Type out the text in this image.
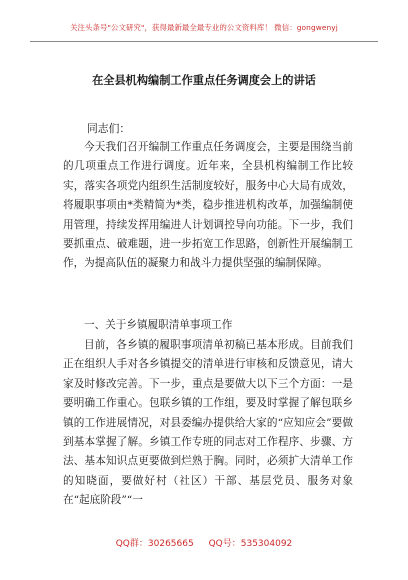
关注头条号"公文研究"，获得最新最全最专业的公文资料库！ 微信：gongwenyj
在全县机构编制工作重点任务调度会上的讲话
同志们：
今天我们召开编制工作重点任务调度会，主要是围绕当前的几项重点工作进行调度。近年来，全县机构编制工作比较实，落实各项党内组织生活制度较好，服务中心大局有成效，将履职事项由*类精简为*类，稳步推进机构改革，加强编制使用管理，持续发挥用编进人计划调控导向功能。下一步，我们要抓重点、破难题，进一步拓宽工作思路，创新性开展编制工作，为提高队伍的凝聚力和战斗力提供坚强的编制保障。
一、关于乡镇履职清单事项工作
目前，各乡镇的履职事项清单初稿已基本形成。目前我们正在组织人手对各乡镇提交的清单进行审核和反馈意见，请大家及时修改完善。下一步，重点是要做大以下三个方面：一是要明确工作重心。包联乡镇的工作组，要及时掌握了解包联乡镇的工作进展情况，对县委编办提供给大家的“应知应会”要做到基本掌握了解。乡镇工作专班的同志对工作程序、步骤、方法、基本知识点更要做到烂熟于胸。同时，必须扩大清单工作的知晓面，要做好村（社区）干部、基层党员、服务对象在“起底阶段”“一
QQ群：30265665 QQ号：535304092
